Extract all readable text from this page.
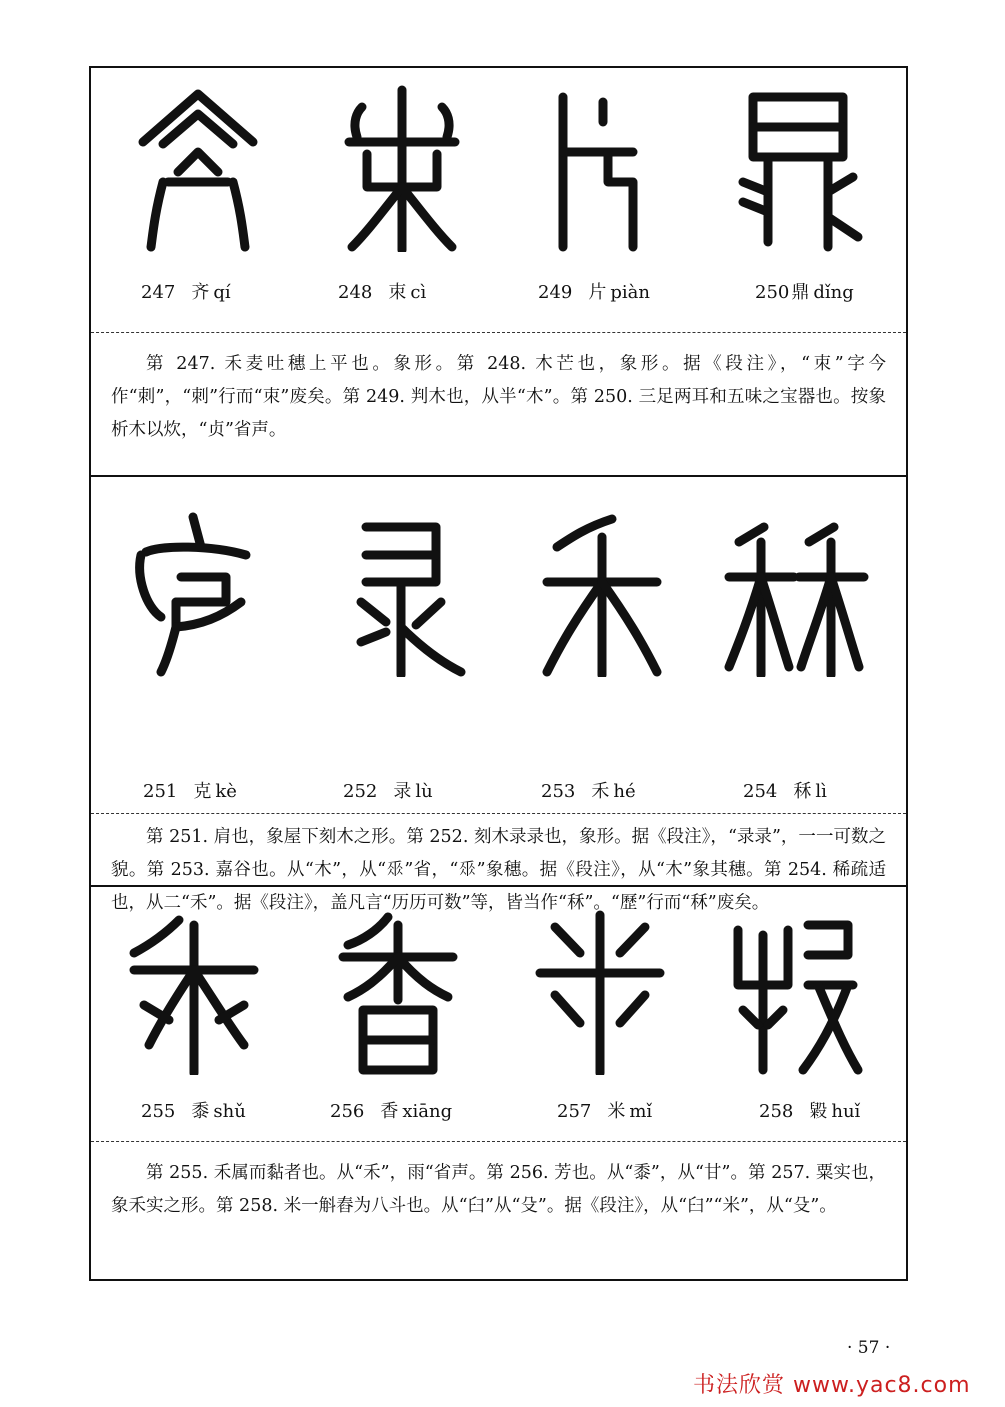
247 齐 qí	248 朿 cì	249 片 piàn	250 鼎 dǐng
第 247. 禾麦吐穗上平也。象形。第 248. 木芒也，象形。据《段注》，“朿”字今作“刺”，“刺”行而“朿”废矣。第 249. 判木也，从半“木”。第 250. 三足两耳和五味之宝器也。按象析木以炊，“贞”省声。
251 克 kè	252 录 lù	253 禾 hé	254 秝 lì
第 251. 肩也，象屋下刻木之形。第 252. 刻木录录也，象形。据《段注》，“录录”，一一可数之貌。第 253. 嘉谷也。从“木”，从“𠂹”省，“𠂹”象穗。据《段注》，从“木”象其穗。第 254. 稀疏适也，从二“禾”。据《段注》，盖凡言“历历可数”等，皆当作“秝”。“歷”行而“秝”废矣。
255 黍 shǔ	256 香 xiāng	257 米 mǐ	258 毇 huǐ
第 255. 禾属而黏者也。从“禾”，雨“省声。第 256. 芳也。从“黍”，从“甘”。第 257. 粟实也，象禾实之形。第 258. 米一斛舂为八斗也。从“臼”从“殳”。据《段注》，从“臼”“米”，从“殳”。
· 57 ·
书法欣赏 www.yac8.com
